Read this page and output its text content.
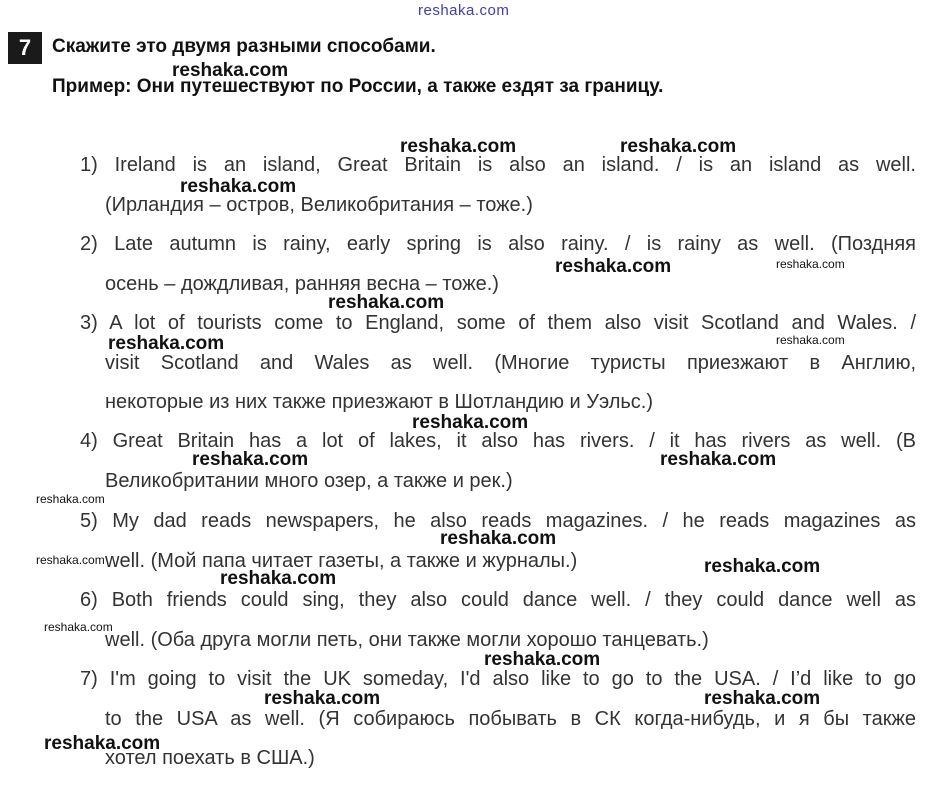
reshaka.com
7	Скажите это двумя разными способами.
Пример: Они путешествуют по России, а также ездят за границу.
1) Ireland is an island, Great Britain is also an island. / is an island as well.
(Ирландия – остров, Великобритания – тоже.)
2) Late autumn is rainy, early spring is also rainy. / is rainy as well. (Поздняя
осень – дождливая, ранняя весна – тоже.)
3) A lot of tourists come to England, some of them also visit Scotland and Wales. /
visit Scotland and Wales as well. (Многие туристы приезжают в Англию,
некоторые из них также приезжают в Шотландию и Уэльс.)
4) Great Britain has a lot of lakes, it also has rivers. / it has rivers as well. (В
Великобритании много озер, а также и рек.)
5) My dad reads newspapers, he also reads magazines. / he reads magazines as
well. (Мой папа читает газеты, а также и журналы.)
6) Both friends could sing, they also could dance well. / they could dance well as
well. (Оба друга могли петь, они также могли хорошо танцевать.)
7) I'm going to visit the UK someday, I'd also like to go to the USA. / I’d like to go
to the USA as well. (Я собираюсь побывать в СК когда-нибудь, и я бы также
хотел поехать в США.)
reshaka.com
reshaka.com	reshaka.com
reshaka.com
reshaka.com	reshaka.com
reshaka.com
reshaka.com	reshaka.com
reshaka.com
reshaka.com	reshaka.com
reshaka.com
reshaka.com
reshaka.com	reshaka.com
reshaka.com
reshaka.com
reshaka.com
reshaka.com	reshaka.com
reshaka.com
